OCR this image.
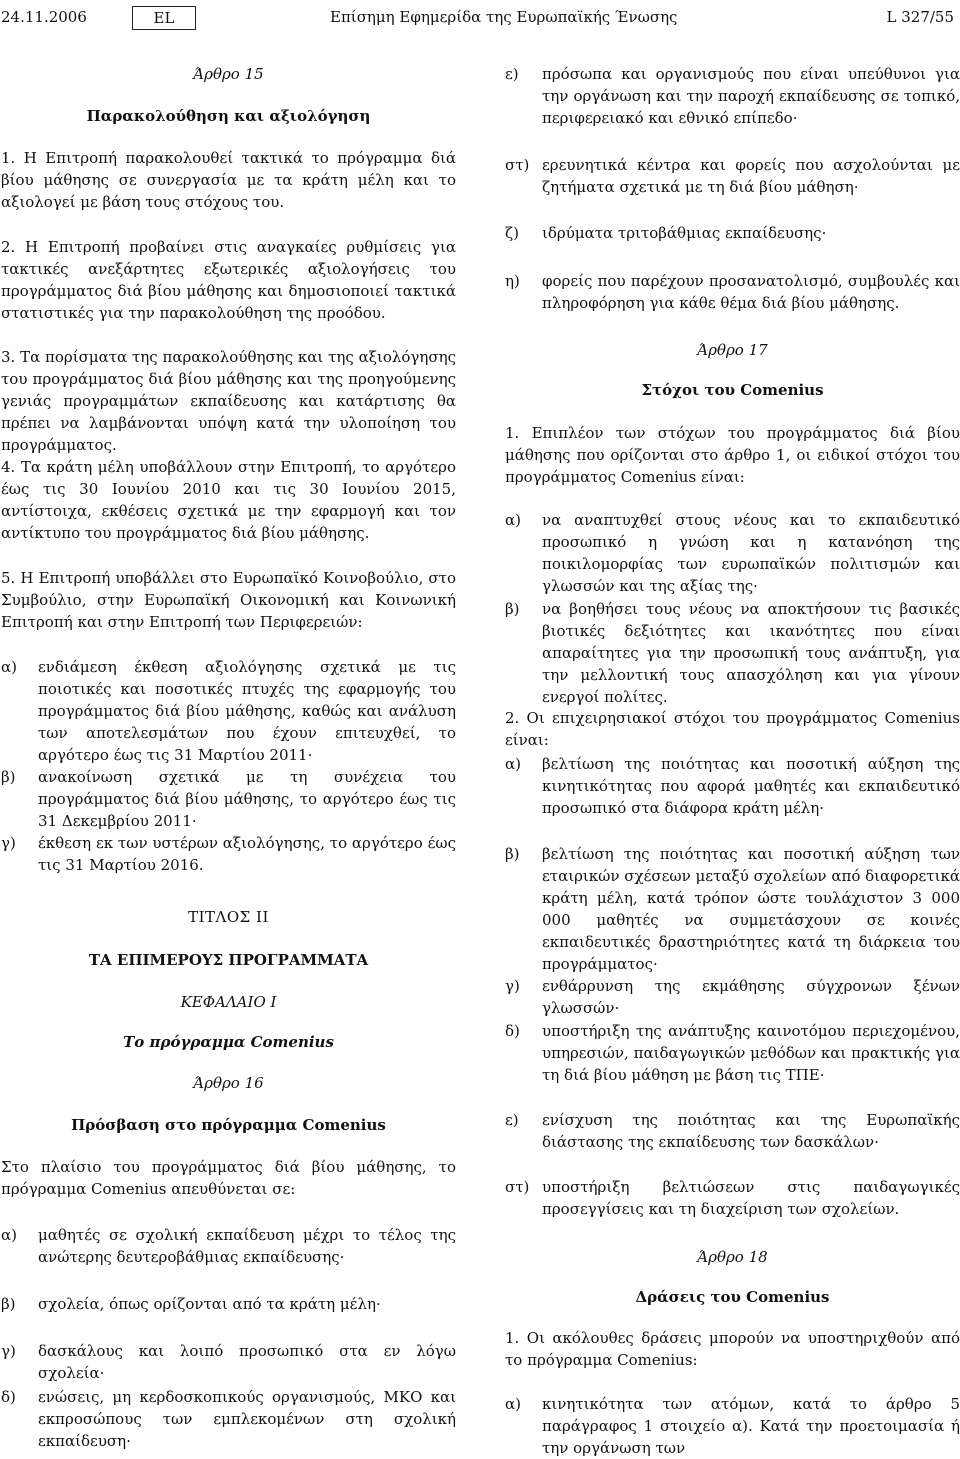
24.11.2006	EL	Επίσημη Εφημερίδα της Ευρωπαϊκής Ένωσης	L 327/55
Άρθρο 15
Παρακολούθηση και αξιολόγηση
1. Η Επιτροπή παρακολουθεί τακτικά το πρόγραμμα διά βίου μάθησης σε συνεργασία με τα κράτη μέλη και το αξιολογεί με βάση τους στόχους του.
2. Η Επιτροπή προβαίνει στις αναγκαίες ρυθμίσεις για τακτικές ανεξάρτητες εξωτερικές αξιολογήσεις του προγράμματος διά βίου μάθησης και δημοσιοποιεί τακτικά στατιστικές για την παρακολούθηση της προόδου.
3. Τα πορίσματα της παρακολούθησης και της αξιολόγησης του προγράμματος διά βίου μάθησης και της προηγούμενης γενιάς προγραμμάτων εκπαίδευσης και κατάρτισης θα πρέπει να λαμβάνονται υπόψη κατά την υλοποίηση του προγράμματος.
4. Τα κράτη μέλη υποβάλλουν στην Επιτροπή, το αργότερο έως τις 30 Ιουνίου 2010 και τις 30 Ιουνίου 2015, αντίστοιχα, εκθέσεις σχετικά με την εφαρμογή και τον αντίκτυπο του προγράμματος διά βίου μάθησης.
5. Η Επιτροπή υποβάλλει στο Ευρωπαϊκό Κοινοβούλιο, στο Συμβούλιο, στην Ευρωπαϊκή Οικονομική και Κοινωνική Επιτροπή και στην Επιτροπή των Περιφερειών:
α) ενδιάμεση έκθεση αξιολόγησης σχετικά με τις ποιοτικές και ποσοτικές πτυχές της εφαρμογής του προγράμματος διά βίου μάθησης, καθώς και ανάλυση των αποτελεσμάτων που έχουν επιτευχθεί, το αργότερο έως τις 31 Μαρτίου 2011·
β) ανακοίνωση σχετικά με τη συνέχεια του προγράμματος διά βίου μάθησης, το αργότερο έως τις 31 Δεκεμβρίου 2011·
γ) έκθεση εκ των υστέρων αξιολόγησης, το αργότερο έως τις 31 Μαρτίου 2016.
ΤΙΤΛΟΣ II
ΤΑ ΕΠΙΜΕΡΟΥΣ ΠΡΟΓΡΑΜΜΑΤΑ
ΚΕΦΑΛΑΙΟ I
Το πρόγραμμα Comenius
Άρθρο 16
Πρόσβαση στο πρόγραμμα Comenius
Στο πλαίσιο του προγράμματος διά βίου μάθησης, το πρόγραμμα Comenius απευθύνεται σε:
α) μαθητές σε σχολική εκπαίδευση μέχρι το τέλος της ανώτερης δευτεροβάθμιας εκπαίδευσης·
β) σχολεία, όπως ορίζονται από τα κράτη μέλη·
γ) δασκάλους και λοιπό προσωπικό στα εν λόγω σχολεία·
δ) ενώσεις, μη κερδοσκοπικούς οργανισμούς, ΜΚΟ και εκπροσώπους των εμπλεκομένων στη σχολική εκπαίδευση·
ε) πρόσωπα και οργανισμούς που είναι υπεύθυνοι για την οργάνωση και την παροχή εκπαίδευσης σε τοπικό, περιφερειακό και εθνικό επίπεδο·
στ) ερευνητικά κέντρα και φορείς που ασχολούνται με ζητήματα σχετικά με τη διά βίου μάθηση·
ζ) ιδρύματα τριτοβάθμιας εκπαίδευσης·
η) φορείς που παρέχουν προσανατολισμό, συμβουλές και πληροφόρηση για κάθε θέμα διά βίου μάθησης.
Άρθρο 17
Στόχοι του Comenius
1. Επιπλέον των στόχων του προγράμματος διά βίου μάθησης που ορίζονται στο άρθρο 1, οι ειδικοί στόχοι του προγράμματος Comenius είναι:
α) να αναπτυχθεί στους νέους και το εκπαιδευτικό προσωπικό η γνώση και η κατανόηση της ποικιλομορφίας των ευρωπαϊκών πολιτισμών και γλωσσών και της αξίας της·
β) να βοηθήσει τους νέους να αποκτήσουν τις βασικές βιοτικές δεξιότητες και ικανότητες που είναι απαραίτητες για την προσωπική τους ανάπτυξη, για την μελλοντική τους απασχόληση και για γίνουν ενεργοί πολίτες.
2. Οι επιχειρησιακοί στόχοι του προγράμματος Comenius είναι:
α) βελτίωση της ποιότητας και ποσοτική αύξηση της κινητικότητας που αφορά μαθητές και εκπαιδευτικό προσωπικό στα διάφορα κράτη μέλη·
β) βελτίωση της ποιότητας και ποσοτική αύξηση των εταιρικών σχέσεων μεταξύ σχολείων από διαφορετικά κράτη μέλη, κατά τρόπον ώστε τουλάχιστον 3 000 000 μαθητές να συμμετάσχουν σε κοινές εκπαιδευτικές δραστηριότητες κατά τη διάρκεια του προγράμματος·
γ) ενθάρρυνση της εκμάθησης σύγχρονων ξένων γλωσσών·
δ) υποστήριξη της ανάπτυξης καινοτόμου περιεχομένου, υπηρεσιών, παιδαγωγικών μεθόδων και πρακτικής για τη διά βίου μάθηση με βάση τις ΤΠΕ·
ε) ενίσχυση της ποιότητας και της Ευρωπαϊκής διάστασης της εκπαίδευσης των δασκάλων·
στ) υποστήριξη βελτιώσεων στις παιδαγωγικές προσεγγίσεις και τη διαχείριση των σχολείων.
Άρθρο 18
Δράσεις του Comenius
1. Οι ακόλουθες δράσεις μπορούν να υποστηριχθούν από το πρόγραμμα Comenius:
α) κινητικότητα των ατόμων, κατά το άρθρο 5 παράγραφος 1 στοιχείο α). Κατά την προετοιμασία ή την οργάνωση των
